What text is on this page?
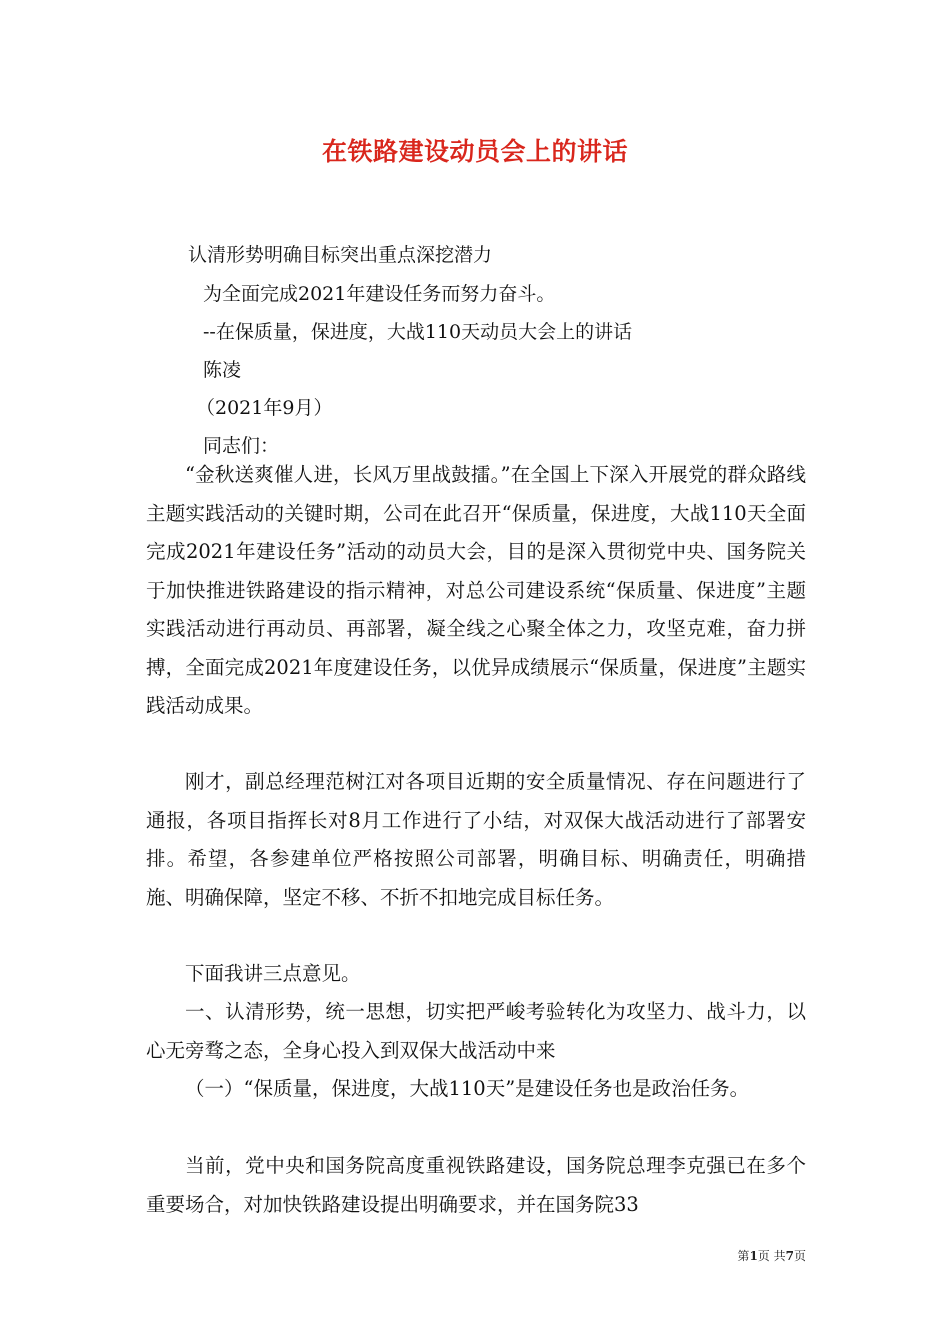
在铁路建设动员会上的讲话
认清形势明确目标突出重点深挖潜力
为全面完成2021年建设任务而努力奋斗。
--在保质量，保进度，大战110天动员大会上的讲话
陈凌
（2021年9月）
同志们：

“金秋送爽催人进，长风万里战鼓擂。”在全国上下深入开展党的群众路线主题实践活动的关键时期，公司在此召开“保质量，保进度，大战110天全面完成2021年建设任务”活动的动员大会，目的是深入贯彻党中央、国务院关于加快推进铁路建设的指示精神，对总公司建设系统“保质量、保进度”主题实践活动进行再动员、再部署，凝全线之心聚全体之力，攻坚克难，奋力拼搏，全面完成2021年度建设任务，以优异成绩展示“保质量，保进度”主题实践活动成果。

刚才，副总经理范树江对各项目近期的安全质量情况、存在问题进行了通报，各项目指挥长对8月工作进行了小结，对双保大战活动进行了部署安排。希望，各参建单位严格按照公司部署，明确目标、明确责任，明确措施、明确保障，坚定不移、不折不扣地完成目标任务。

下面我讲三点意见。

一、认清形势，统一思想，切实把严峻考验转化为攻坚力、战斗力，以心无旁骛之态，全身心投入到双保大战活动中来

（一）“保质量，保进度，大战110天”是建设任务也是政治任务。

当前，党中央和国务院高度重视铁路建设，国务院总理李克强已在多个重要场合，对加快铁路建设提出明确要求，并在国务院33

第1页 共7页
